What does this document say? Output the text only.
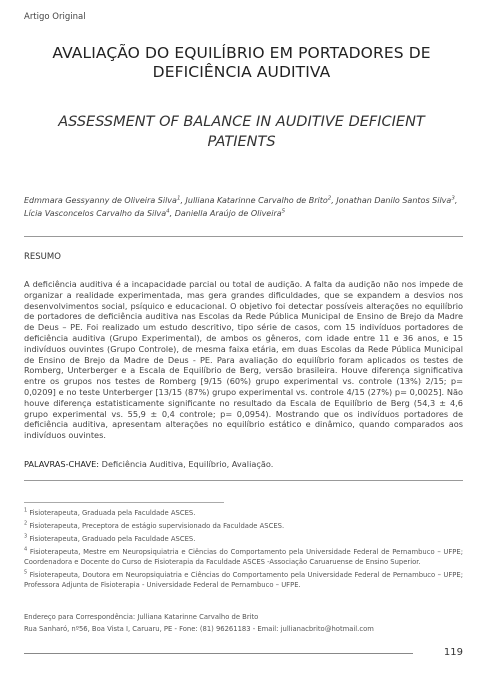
Artigo Original
AVALIAÇÃO DO EQUILÍBRIO EM PORTADORES DE DEFICIÊNCIA AUDITIVA
ASSESSMENT OF BALANCE IN AUDITIVE DEFICIENT PATIENTS
Edmmara Gessyanny de Oliveira Silva$^1$, Julliana Katarinne Carvalho de Brito$^2$, Jonathan Danilo Santos Silva$^3$, Lícia Vasconcelos Carvalho da Silva$^4$, Daniella Araújo de Oliveira$^5$
RESUMO
A deficiência auditiva é a incapacidade parcial ou total de audição. A falta da audição não nos impede de organizar a realidade experimentada, mas gera grandes dificuldades, que se expandem a desvios nos desenvolvimentos social, psíquico e educacional. O objetivo foi detectar possíveis alterações no equilíbrio de portadores de deficiência auditiva nas Escolas da Rede Pública Municipal de Ensino de Brejo da Madre de Deus – PE. Foi realizado um estudo descritivo, tipo série de casos, com 15 indivíduos portadores de deficiência auditiva (Grupo Experimental), de ambos os gêneros, com idade entre 11 e 36 anos, e 15 indivíduos ouvintes (Grupo Controle), de mesma faixa etária, em duas Escolas da Rede Pública Municipal de Ensino de Brejo da Madre de Deus - PE. Para avaliação do equilíbrio foram aplicados os testes de Romberg, Unterberger e a Escala de Equilíbrio de Berg, versão brasileira. Houve diferença significativa entre os grupos nos testes de Romberg [9/15 (60%) grupo experimental vs. controle (13%) 2/15; p= 0,0209] e no teste Unterberger [13/15 (87%) grupo experimental vs. controle 4/15 (27%) p= 0,0025]. Não houve diferença estatisticamente significante no resultado da Escala de Equilíbrio de Berg (54,3 ± 4,6 grupo experimental vs. 55,9 ± 0,4 controle; p= 0,0954). Mostrando que os indivíduos portadores de deficiência auditiva, apresentam alterações no equilíbrio estático e dinâmico, quando comparados aos indivíduos ouvintes.
PALAVRAS-CHAVE: Deficiência Auditiva, Equilíbrio, Avaliação.
$^1$ Fisioterapeuta, Graduada pela Faculdade ASCES.
$^2$ Fisioterapeuta, Preceptora de estágio supervisionado da Faculdade ASCES.
$^3$ Fisioterapeuta, Graduado pela Faculdade ASCES.
$^4$ Fisioterapeuta, Mestre em Neuropsiquiatria e Ciências do Comportamento pela Universidade Federal de Pernambuco – UFPE; Coordenadora e Docente do Curso de Fisioterapia da Faculdade ASCES -Associação Caruaruense de Ensino Superior.
$^5$ Fisioterapeuta, Doutora em Neuropsiquiatria e Ciências do Comportamento pela Universidade Federal de Pernambuco – UFPE; Professora Adjunta de Fisioterapia - Universidade Federal de Pernambuco – UFPE.
Endereço para Correspondência: Julliana Katarinne Carvalho de Brito
Rua Sanharó, nº56, Boa Vista I, Caruaru, PE - Fone: (81) 96261183 - Email: jullianacbrito@hotmail.com
119
